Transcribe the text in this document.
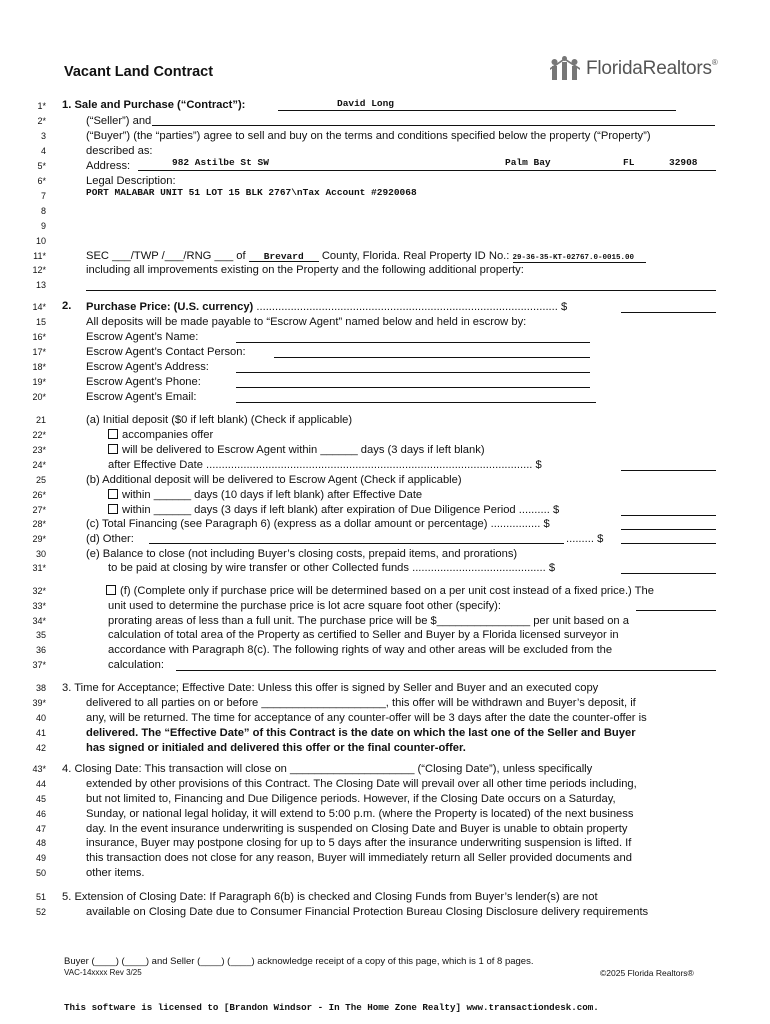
Vacant Land Contract	FloridaRealtors®
1*
2*
3
4
5*
6*
7
8
9
10
11*
12*
13
14*
15
16*
17*
18*
19*
20*
21
22*
23*
24*
25
26*
27*
28*
29*
30
31*
32*
33*
34*
35
36
37*
38
39*
40
41
42
43*
44
45
46
47
48
49
50
51
52
1. Sale and Purchase (“Contract”):	David Long
(“Seller”) and
(“Buyer”) (the “parties”) agree to sell and buy on the terms and conditions specified below the property (“Property”)
described as:
Address:	982 Astilbe St SW	Palm Bay	FL	32908
Legal Description:
PORT MALABAR UNIT 51 LOT 15 BLK 2767\nTax Account #2920068
SEC ___/TWP /___/RNG ___ of Brevard County, Florida. Real Property ID No.: 29-36-35-KT-02767.0-0015.00
including all improvements existing on the Property and the following additional property:
2. Purchase Price: (U.S. currency) ................................................................................................. $
All deposits will be made payable to “Escrow Agent” named below and held in escrow by:
Escrow Agent’s Name:
Escrow Agent’s Contact Person:
Escrow Agent’s Address:
Escrow Agent’s Phone:
Escrow Agent’s Email:
(a) Initial deposit ($0 if left blank) (Check if applicable)
accompanies offer
will be delivered to Escrow Agent within ______ days (3 days if left blank)
after Effective Date ......................................................................................................... $
(b) Additional deposit will be delivered to Escrow Agent (Check if applicable)
within ______ days (10 days if left blank) after Effective Date
within ______ days (3 days if left blank) after expiration of Due Diligence Period .......... $
(c) Total Financing (see Paragraph 6) (express as a dollar amount or percentage) ................ $
(d) Other:	......... $
(e) Balance to close (not including Buyer’s closing costs, prepaid items, and prorations)
to be paid at closing by wire transfer or other Collected funds ........................................... $
(f) (Complete only if purchase price will be determined based on a per unit cost instead of a fixed price.) The
unit used to determine the purchase price is lot acre square foot other (specify):
prorating areas of less than a full unit. The purchase price will be $_______________ per unit based on a
calculation of total area of the Property as certified to Seller and Buyer by a Florida licensed surveyor in
accordance with Paragraph 8(c). The following rights of way and other areas will be excluded from the
calculation:
3. Time for Acceptance; Effective Date: Unless this offer is signed by Seller and Buyer and an executed copy
delivered to all parties on or before ____________________, this offer will be withdrawn and Buyer’s deposit, if
any, will be returned. The time for acceptance of any counter-offer will be 3 days after the date the counter-offer is
delivered. The “Effective Date” of this Contract is the date on which the last one of the Seller and Buyer
has signed or initialed and delivered this offer or the final counter-offer.
4. Closing Date: This transaction will close on ____________________ (“Closing Date”), unless specifically
extended by other provisions of this Contract. The Closing Date will prevail over all other time periods including,
but not limited to, Financing and Due Diligence periods. However, if the Closing Date occurs on a Saturday,
Sunday, or national legal holiday, it will extend to 5:00 p.m. (where the Property is located) of the next business
day. In the event insurance underwriting is suspended on Closing Date and Buyer is unable to obtain property
insurance, Buyer may postpone closing for up to 5 days after the insurance underwriting suspension is lifted. If
this transaction does not close for any reason, Buyer will immediately return all Seller provided documents and
other items.
5. Extension of Closing Date: If Paragraph 6(b) is checked and Closing Funds from Buyer’s lender(s) are not
available on Closing Date due to Consumer Financial Protection Bureau Closing Disclosure delivery requirements
Buyer (____) (____) and Seller (____) (____) acknowledge receipt of a copy of this page, which is 1 of 8 pages.
VAC-14xxxx Rev 3/25	©2025 Florida Realtors®
This software is licensed to [Brandon Windsor - In The Home Zone Realty] www.transactiondesk.com.
